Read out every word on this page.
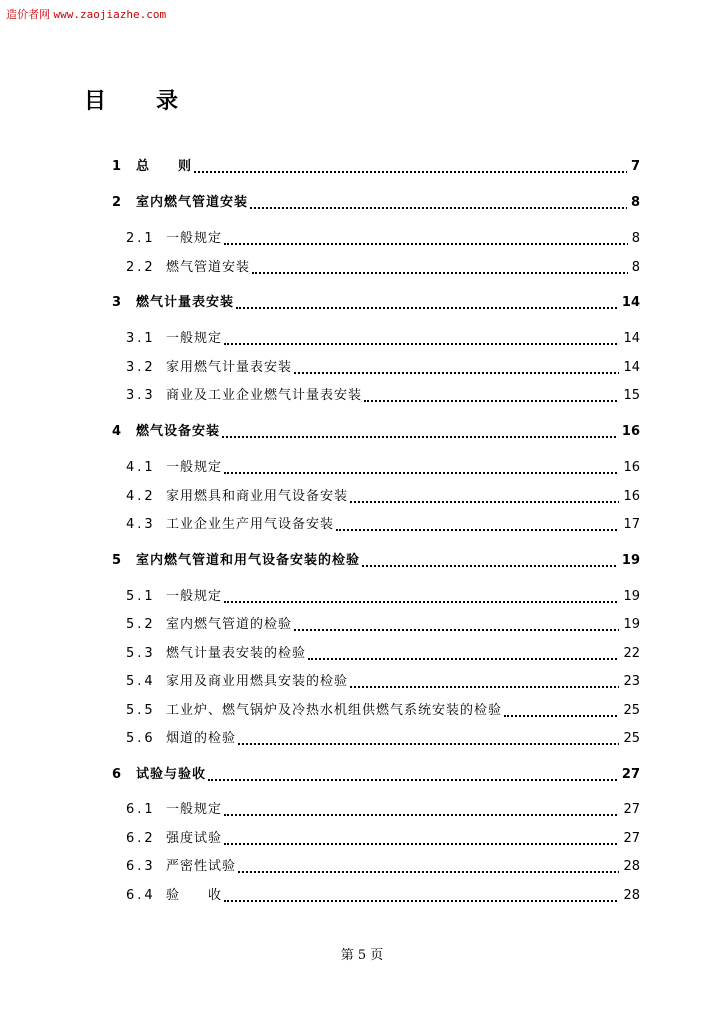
造价者网 www.zaojiazhe.com
目录
1 总　　则	7
2 室内燃气管道安装	8
2.1 一般规定	8
2.2 燃气管道安装	8
3 燃气计量表安装	14
3.1 一般规定	14
3.2 家用燃气计量表安装	14
3.3 商业及工业企业燃气计量表安装	15
4 燃气设备安装	16
4.1 一般规定	16
4.2 家用燃具和商业用气设备安装	16
4.3 工业企业生产用气设备安装	17
5 室内燃气管道和用气设备安装的检验	19
5.1 一般规定	19
5.2 室内燃气管道的检验	19
5.3 燃气计量表安装的检验	22
5.4 家用及商业用燃具安装的检验	23
5.5 工业炉、燃气锅炉及冷热水机组供燃气系统安装的检验	25
5.6 烟道的检验	25
6 试验与验收	27
6.1 一般规定	27
6.2 强度试验	27
6.3 严密性试验	28
6.4 验　　收	28
第 5 页
